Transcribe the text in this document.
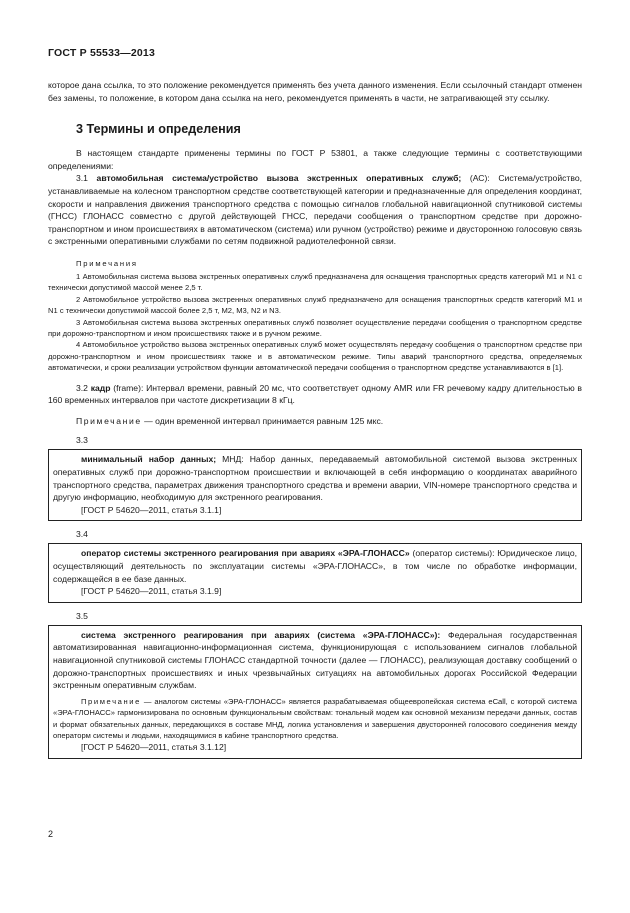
ГОСТ Р 55533—2013

которое дана ссылка, то это положение рекомендуется применять без учета данного изменения. Если ссылочный стандарт отменен без замены, то положение, в котором дана ссылка на него, рекомендуется применять в части, не затрагивающей эту ссылку.

3 Термины и определения

В настоящем стандарте применены термины по ГОСТ Р 53801, а также следующие термины с соответствующими определениями:

3.1 автомобильная система/устройство вызова экстренных оперативных служб; (АС): Система/устройство, устанавливаемые на колесном транспортном средстве соответствующей категории и предназначенные для определения координат, скорости и направления движения транспортного средства с помощью сигналов глобальной навигационной спутниковой системы (ГНСС) ГЛОНАСС совместно с другой действующей ГНСС, передачи сообщения о транспортном средстве при дорожно-транспортном и ином происшествиях в автоматическом (система) или ручном (устройство) режиме и двусторонною голосовую связь с экстренными оперативными службами по сетям подвижной радиотелефонной связи.

Примечания

1 Автомобильная система вызова экстренных оперативных служб предназначена для оснащения транспортных средств категорий М1 и N1 с технически допустимой массой менее 2,5 т.

2 Автомобильное устройство вызова экстренных оперативных служб предназначено для оснащения транспортных средств категорий М1 и N1 с технически допустимой массой более 2,5 т, М2, М3, N2 и N3.

3 Автомобильная система вызова экстренных оперативных служб позволяет осуществление передачи сообщения о транспортном средстве при дорожно-транспортном и ином происшествиях также и в ручном режиме.

4 Автомобильное устройство вызова экстренных оперативных служб может осуществлять передачу сообщения о транспортном средстве при дорожно-транспортном и ином происшествиях также и в автоматическом режиме. Типы аварий транспортного средства, определяемых автоматически, и сроки реализации устройством функции автоматической передачи сообщения о транспортном средстве устанавливаются в [1].

3.2 кадр (frame): Интервал времени, равный 20 мс, что соответствует одному AMR или FR речевому кадру длительностью в 160 временных интервалов при частоте дискретизации 8 кГц.

Примечание — один временной интервал принимается равным 125 мкс.

3.3

минимальный набор данных; МНД: Набор данных, передаваемый автомобильной системой вызова экстренных оперативных служб при дорожно-транспортном происшествии и включающей в себя информацию о координатах аварийного транспортного средства, параметрах движения транспортного средства и времени аварии, VIN-номере транспортного средства и другую информацию, необходимую для экстренного реагирования.

[ГОСТ Р 54620—2011, статья 3.1.1]
3.4

оператор системы экстренного реагирования при авариях «ЭРА-ГЛОНАСС» (оператор системы): Юридическое лицо, осуществляющий деятельность по эксплуатации системы «ЭРА-ГЛОНАСС», в том числе по обработке информации, содержащейся в ее базе данных.

[ГОСТ Р 54620—2011, статья 3.1.9]
3.5

система экстренного реагирования при авариях (система «ЭРА-ГЛОНАСС»): Федеральная государственная автоматизированная навигационно-информационная система, функционирующая с использованием сигналов глобальной навигационной спутниковой системы ГЛОНАСС стандартной точности (далее — ГЛОНАСС), реализующая доставку сообщений о дорожно-транспортных происшествиях и иных чрезвычайных ситуациях на автомобильных дорогах Российской Федерации экстренным оперативным службам.

Примечание — аналогом системы «ЭРА-ГЛОНАСС» является разрабатываемая общеевропейская система eCall, с которой система «ЭРА-ГЛОНАСС» гармонизирована по основным функциональным свойствам: тональный модем как основной механизм передачи данных, состав и формат обязательных данных, передающихся в составе МНД, логика установления и завершения двусторонней голосового соединения между операторм системы и людьми, находящимися в кабине транспортного средства.

[ГОСТ Р 54620—2011, статья 3.1.12]
2
